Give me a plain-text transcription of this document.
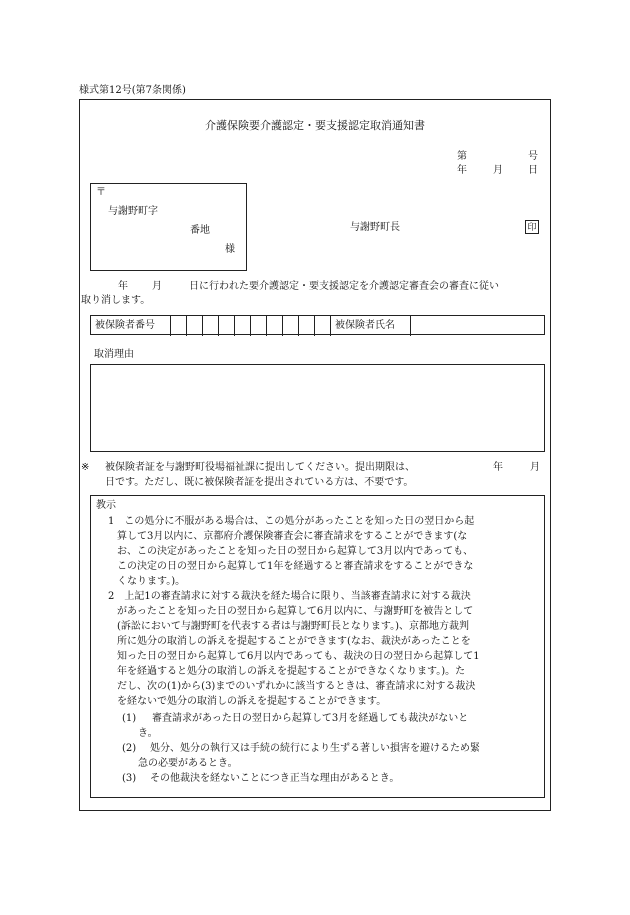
様式第12号(第7条関係)
介護保険要介護認定・要支援認定取消通知書
第	号
年	月	日
〒
与謝野町字
番地
様
与謝野町長	印
年 月	日に行われた要介護認定・要支援認定を介護認定審査会の審査に従い
取り消します。
被保険者番号	被保険者氏名
取消理由
※ 被保険者証を与謝野町役場福祉課に提出してください。提出期限は、	年	月
日です。ただし、既に被保険者証を提出されている方は、不要です。
教示
1　この処分に不服がある場合は、この処分があったことを知った日の翌日から起
算して3月以内に、京都府介護保険審査会に審査請求をすることができます(な
お、この決定があったことを知った日の翌日から起算して3月以内であっても、
この決定の日の翌日から起算して1年を経過すると審査請求をすることができな
くなります。)。
2　上記1の審査請求に対する裁決を経た場合に限り、当該審査請求に対する裁決
があったことを知った日の翌日から起算して6月以内に、与謝野町を被告として
(訴訟において与謝野町を代表する者は与謝野町長となります。)、京都地方裁判
所に処分の取消しの訴えを提起することができます(なお、裁決があったことを
知った日の翌日から起算して6月以内であっても、裁決の日の翌日から起算して1
年を経過すると処分の取消しの訴えを提起することができなくなります。)。た
だし、次の(1)から(3)までのいずれかに該当するときは、審査請求に対する裁決
を経ないで処分の取消しの訴えを提起することができます。
(1) 審査請求があった日の翌日から起算して3月を経過しても裁決がないと
き。
(2) 処分、処分の執行又は手続の続行により生ずる著しい損害を避けるため緊
急の必要があるとき。
(3) その他裁決を経ないことにつき正当な理由があるとき。
